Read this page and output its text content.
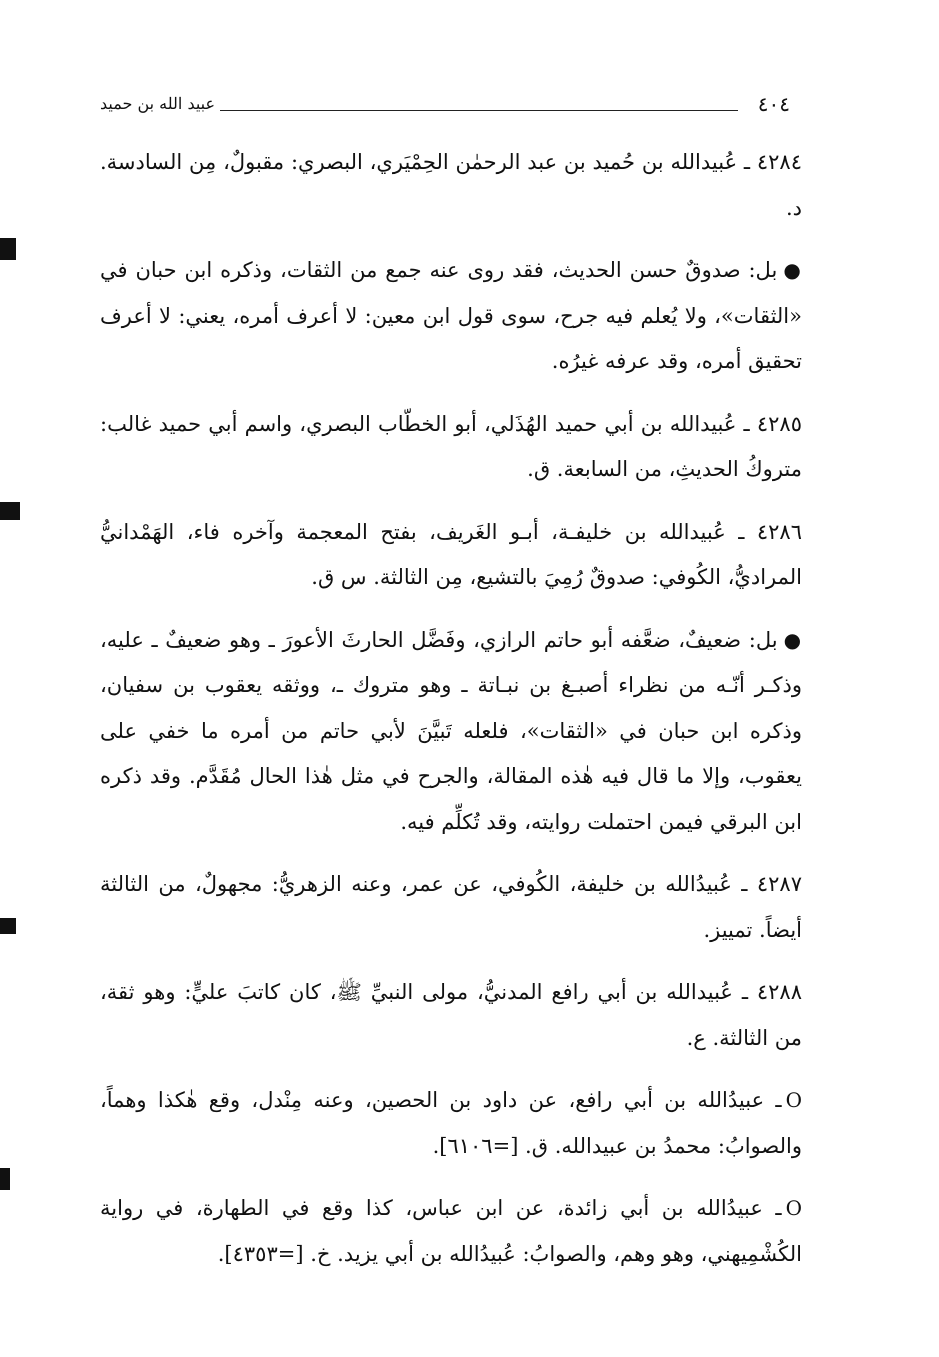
٤٠٤
عبيد الله بن حميد

٤٢٨٤ ـ عُبيدالله بن حُميد بن عبد الرحمٰن الحِمْيَري، البصري: مقبولٌ، مِن السادسة. د.

●بل: صدوقٌ حسن الحديث، فقد روى عنه جمع من الثقات، وذكره ابن حبان في «الثقات»، ولا يُعلم فيه جرح، سوى قول ابن معين: لا أعرف أمره، يعني: لا أعرف تحقيق أمره، وقد عرفه غيرُه.

٤٢٨٥ ـ عُبيدالله بن أبي حميد الهُذَلي، أبو الخطّاب البصري، واسم أبي حميد غالب: متروكُ الحديثِ، من السابعة. ق.

٤٢٨٦ ـ عُبيدالله بن خليفـة، أبـو الغَريف، بفتح المعجمة وآخره فاء، الهَمْدانيُّ المراديُّ، الكُوفي: صدوقٌ رُمِيَ بالتشيع، مِن الثالثة. س ق.

●بل: ضعيفٌ، ضعَّفه أبو حاتم الرازي، وفَضَّل الحارثَ الأعورَ ـ وهو ضعيفٌ ـ عليه، وذكـر أنّـه من نظراء أصبـغ بن نبـاتة ـ وهو متروك ـ، ووثقه يعقوب بن سفيان، وذكره ابن حبان في «الثقات»، فلعله تَبيَّنَ لأبي حاتم من أمره ما خفي على يعقوب، وإلا ما قال فيه هٰذه المقالة، والجرح في مثل هٰذا الحال مُقَدَّم. وقد ذكره ابن البرقي فيمن احتملت روايته، وقد تُكلِّم فيه.

٤٢٨٧ ـ عُبيدُالله بن خليفة، الكُوفي، عن عمر، وعنه الزهريُّ: مجهولٌ، من الثالثة أيضاً. تمييز.

٤٢٨٨ ـ عُبيدالله بن أبي رافع المدنيُّ، مولى النبيِّ ﷺ، كان كاتبَ عليٍّ: وهو ثقة، من الثالثة. ع.

Oـ عبيدُالله بن أبي رافع، عن داود بن الحصين، وعنه مِنْدل، وقع هٰكذا وهماً، والصوابُ: محمدُ بن عبيدالله. ق. [=٦١٠٦].

Oـ عبيدُالله بن أبي زائدة، عن ابن عباس، كذا وقع في الطهارة، في رواية الكُشْمِيهني، وهو وهم، والصوابُ: عُبيدُالله بن أبي يزيد. خ. [=٤٣٥٣].
